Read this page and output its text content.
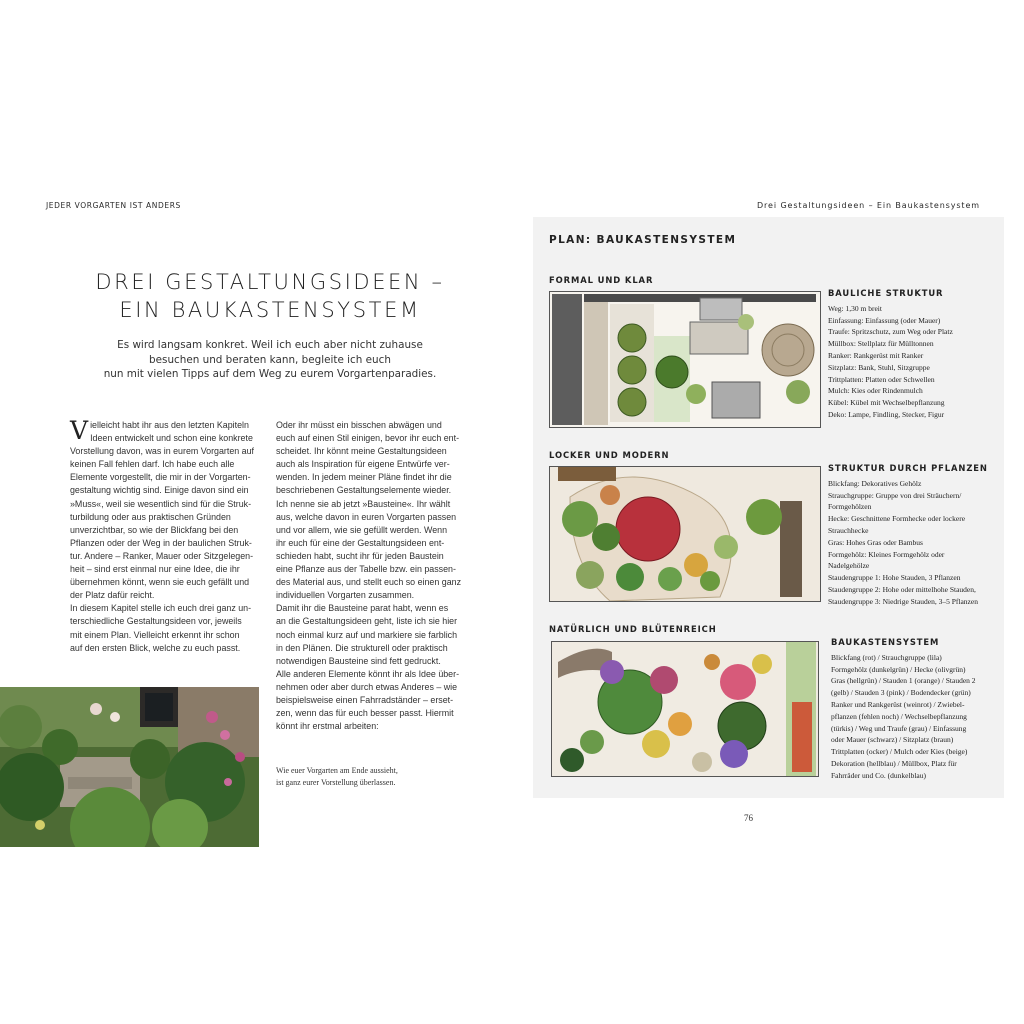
JEDER VORGARTEN IST ANDERS	Drei Gestaltungsideen – Ein Baukastensystem
DREI GESTALTUNGSIDEEN –
EIN BAUKASTENSYSTEM
Es wird langsam konkret. Weil ich euch aber nicht zuhause
besuchen und beraten kann, begleite ich euch
nun mit vielen Tipps auf dem Weg zu eurem Vorgartenparadies.
V ielleicht habt ihr aus den letzten Kapiteln
Ideen entwickelt und schon eine konkrete
Vorstellung davon, was in eurem Vorgarten auf
keinen Fall fehlen darf. Ich habe euch alle
Elemente vorgestellt, die mir in der Vorgarten-
gestaltung wichtig sind. Einige davon sind ein
»Muss«, weil sie wesentlich sind für die Struk-
turbildung oder aus praktischen Gründen
unverzichtbar, so wie der Blickfang bei den
Pflanzen oder der Weg in der baulichen Struk-
tur. Andere – Ranker, Mauer oder Sitzgelegen-
heit – sind erst einmal nur eine Idee, die ihr
übernehmen könnt, wenn sie euch gefällt und
der Platz dafür reicht.
In diesem Kapitel stelle ich euch drei ganz un-
terschiedliche Gestaltungsideen vor, jeweils
mit einem Plan. Vielleicht erkennt ihr schon
auf den ersten Blick, welche zu euch passt.
Oder ihr müsst ein bisschen abwägen und
euch auf einen Stil einigen, bevor ihr euch ent-
scheidet. Ihr könnt meine Gestaltungsideen
auch als Inspiration für eigene Entwürfe ver-
wenden. In jedem meiner Pläne findet ihr die
beschriebenen Gestaltungselemente wieder.
Ich nenne sie ab jetzt »Bausteine«. Ihr wählt
aus, welche davon in euren Vorgarten passen
und vor allem, wie sie gefüllt werden. Wenn
ihr euch für eine der Gestaltungsideen ent-
schieden habt, sucht ihr für jeden Baustein
eine Pflanze aus der Tabelle bzw. ein passen-
des Material aus, und stellt euch so einen ganz
individuellen Vorgarten zusammen.
Damit ihr die Bausteine parat habt, wenn es
an die Gestaltungsideen geht, liste ich sie hier
noch einmal kurz auf und markiere sie farblich
in den Plänen. Die strukturell oder praktisch
notwendigen Bausteine sind fett gedruckt.
Alle anderen Elemente könnt ihr als Idee über-
nehmen oder aber durch etwas Anderes – wie
beispielsweise einen Fahrradständer – erset-
zen, wenn das für euch besser passt. Hiermit
könnt ihr erstmal arbeiten:
Wie euer Vorgarten am Ende aussieht,
ist ganz eurer Vorstellung überlassen.
PLAN: BAUKASTENSYSTEM
FORMAL UND KLAR
BAULICHE STRUKTUR
Weg: 1,30 m breit
Einfassung: Einfassung (oder Mauer)
Traufe: Spritzschutz, zum Weg oder Platz
Müllbox: Stellplatz für Mülltonnen
Ranker: Rankgerüst mit Ranker
Sitzplatz: Bank, Stuhl, Sitzgruppe
Trittplatten: Platten oder Schwellen
Mulch: Kies oder Rindenmulch
Kübel: Kübel mit Wechselbepflanzung
Deko: Lampe, Findling, Stecker, Figur
LOCKER UND MODERN
STRUKTUR DURCH PFLANZEN
Blickfang: Dekoratives Gehölz
Strauchgruppe: Gruppe von drei Sträuchern/
Formgehölzen
Hecke: Geschnittene Formhecke oder lockere
Strauchhecke
Gras: Hohes Gras oder Bambus
Formgehölz: Kleines Formgehölz oder
Nadelgehölze
Staudengruppe 1: Hohe Stauden, 3 Pflanzen
Staudengruppe 2: Hohe oder mittelhohe Stauden,
Staudengruppe 3: Niedrige Stauden, 3–5 Pflanzen
NATÜRLICH UND BLÜTENREICH
BAUKASTENSYSTEM
Blickfang (rot) / Strauchgruppe (lila)
Formgehölz (dunkelgrün) / Hecke (olivgrün)
Gras (hellgrün) / Stauden 1 (orange) / Stauden 2
(gelb) / Stauden 3 (pink) / Bodendecker (grün)
Ranker und Rankgerüst (weinrot) / Zwiebel-
pflanzen (fehlen noch) / Wechselbepflanzung
(türkis) / Weg und Traufe (grau) / Einfassung
oder Mauer (schwarz) / Sitzplatz (braun)
Trittplatten (ocker) / Mulch oder Kies (beige)
Dekoration (hellblau) / Müllbox, Platz für
Fahrräder und Co. (dunkelblau)
76
